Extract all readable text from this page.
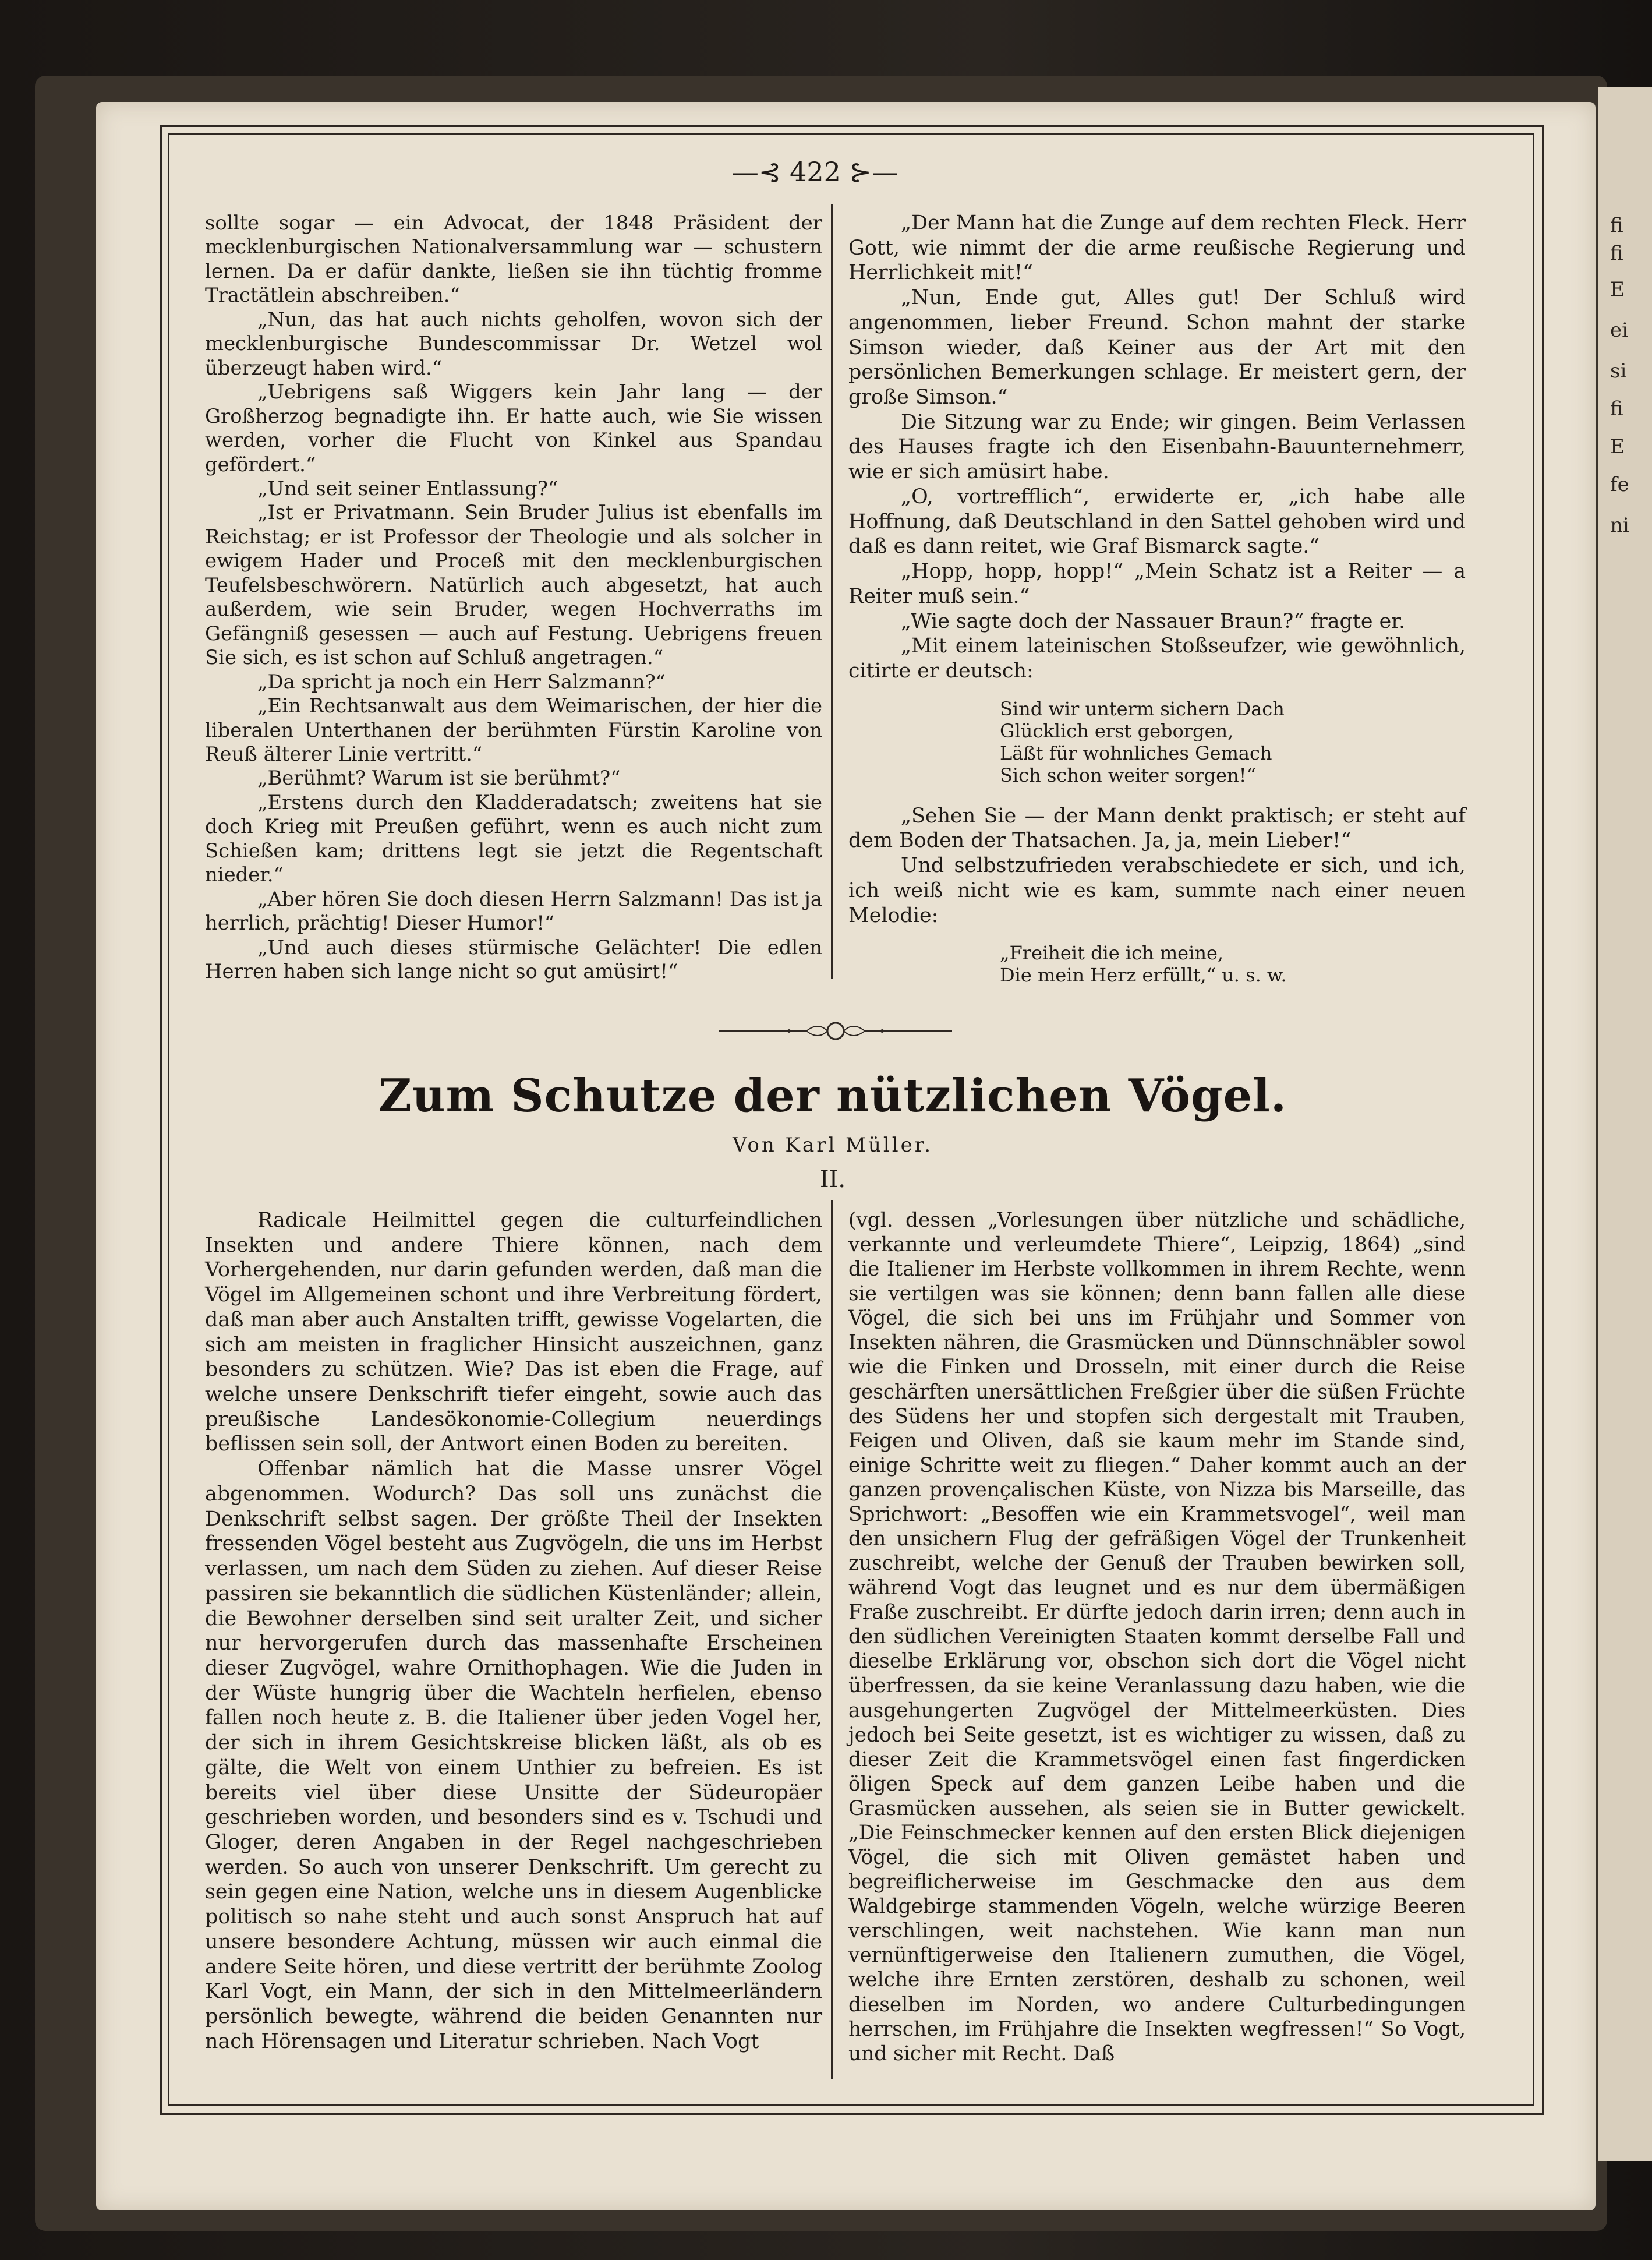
fi
fi
E
ei
si
fi
E
fe
ni
—⊰ 422 ⊱—

sollte sogar — ein Advocat, der 1848 Präsident der mecklenburgischen Nationalversammlung war — schustern lernen. Da er dafür dankte, ließen sie ihn tüchtig fromme Tractätlein abschreiben.“

„Nun, das hat auch nichts geholfen, wovon sich der mecklenburgische Bundescommissar Dr. Wetzel wol überzeugt haben wird.“

„Uebrigens saß Wiggers kein Jahr lang — der Großherzog begnadigte ihn. Er hatte auch, wie Sie wissen werden, vorher die Flucht von Kinkel aus Spandau gefördert.“

„Und seit seiner Entlassung?“

„Ist er Privatmann. Sein Bruder Julius ist ebenfalls im Reichstag; er ist Professor der Theologie und als solcher in ewigem Hader und Proceß mit den mecklenburgischen Teufelsbeschwörern. Natürlich auch abgesetzt, hat auch außerdem, wie sein Bruder, wegen Hochverraths im Gefängniß gesessen — auch auf Festung. Uebrigens freuen Sie sich, es ist schon auf Schluß angetragen.“

„Da spricht ja noch ein Herr Salzmann?“

„Ein Rechtsanwalt aus dem Weimarischen, der hier die liberalen Unterthanen der berühmten Fürstin Karoline von Reuß älterer Linie vertritt.“

„Berühmt? Warum ist sie berühmt?“

„Erstens durch den Kladderadatsch; zweitens hat sie doch Krieg mit Preußen geführt, wenn es auch nicht zum Schießen kam; drittens legt sie jetzt die Regentschaft nieder.“

„Aber hören Sie doch diesen Herrn Salzmann! Das ist ja herrlich, prächtig! Dieser Humor!“

„Und auch dieses stürmische Gelächter! Die edlen Herren haben sich lange nicht so gut amüsirt!“

„Der Mann hat die Zunge auf dem rechten Fleck. Herr Gott, wie nimmt der die arme reußische Regierung und Herrlichkeit mit!“

„Nun, Ende gut, Alles gut! Der Schluß wird angenommen, lieber Freund. Schon mahnt der starke Simson wieder, daß Keiner aus der Art mit den persönlichen Bemerkungen schlage. Er meistert gern, der große Simson.“

Die Sitzung war zu Ende; wir gingen. Beim Verlassen des Hauses fragte ich den Eisenbahn-Bauunternehmerr, wie er sich amüsirt habe.

„O, vortrefflich“, erwiderte er, „ich habe alle Hoffnung, daß Deutschland in den Sattel gehoben wird und daß es dann reitet, wie Graf Bismarck sagte.“

„Hopp, hopp, hopp!“ „Mein Schatz ist a Reiter — a Reiter muß sein.“

„Wie sagte doch der Nassauer Braun?“ fragte er.

„Mit einem lateinischen Stoßseufzer, wie gewöhnlich, citirte er deutsch:

Sind wir unterm sichern Dach
Glücklich erst geborgen,
Läßt für wohnliches Gemach
Sich schon weiter sorgen!“

„Sehen Sie — der Mann denkt praktisch; er steht auf dem Boden der Thatsachen. Ja, ja, mein Lieber!“

Und selbstzufrieden verabschiedete er sich, und ich, ich weiß nicht wie es kam, summte nach einer neuen Melodie:

„Freiheit die ich meine,
Die mein Herz erfüllt,“ u. s. w.
Zum Schutze der nützlichen Vögel.
Von Karl Müller.
II.

Radicale Heilmittel gegen die culturfeindlichen Insekten und andere Thiere können, nach dem Vorhergehenden, nur darin gefunden werden, daß man die Vögel im Allgemeinen schont und ihre Verbreitung fördert, daß man aber auch Anstalten trifft, gewisse Vogelarten, die sich am meisten in fraglicher Hinsicht auszeichnen, ganz besonders zu schützen. Wie? Das ist eben die Frage, auf welche unsere Denkschrift tiefer eingeht, sowie auch das preußische Landesökonomie-Collegium neuerdings beflissen sein soll, der Antwort einen Boden zu bereiten.

Offenbar nämlich hat die Masse unsrer Vögel abgenommen. Wodurch? Das soll uns zunächst die Denkschrift selbst sagen. Der größte Theil der Insekten fressenden Vögel besteht aus Zugvögeln, die uns im Herbst verlassen, um nach dem Süden zu ziehen. Auf dieser Reise passiren sie bekanntlich die südlichen Küstenländer; allein, die Bewohner derselben sind seit uralter Zeit, und sicher nur hervorgerufen durch das massenhafte Erscheinen dieser Zugvögel, wahre Ornithophagen. Wie die Juden in der Wüste hungrig über die Wachteln herfielen, ebenso fallen noch heute z. B. die Italiener über jeden Vogel her, der sich in ihrem Gesichtskreise blicken läßt, als ob es gälte, die Welt von einem Unthier zu befreien. Es ist bereits viel über diese Unsitte der Südeuropäer geschrieben worden, und besonders sind es v. Tschudi und Gloger, deren Angaben in der Regel nachgeschrieben werden. So auch von unserer Denkschrift. Um gerecht zu sein gegen eine Nation, welche uns in diesem Augenblicke politisch so nahe steht und auch sonst Anspruch hat auf unsere besondere Achtung, müssen wir auch einmal die andere Seite hören, und diese vertritt der berühmte Zoolog Karl Vogt, ein Mann, der sich in den Mittelmeerländern persönlich bewegte, während die beiden Genannten nur nach Hörensagen und Literatur schrieben. Nach Vogt

(vgl. dessen „Vorlesungen über nützliche und schädliche, verkannte und verleumdete Thiere“, Leipzig, 1864) „sind die Italiener im Herbste vollkommen in ihrem Rechte, wenn sie vertilgen was sie können; denn bann fallen alle diese Vögel, die sich bei uns im Frühjahr und Sommer von Insekten nähren, die Grasmücken und Dünnschnäbler sowol wie die Finken und Drosseln, mit einer durch die Reise geschärften unersättlichen Freßgier über die süßen Früchte des Südens her und stopfen sich dergestalt mit Trauben, Feigen und Oliven, daß sie kaum mehr im Stande sind, einige Schritte weit zu fliegen.“ Daher kommt auch an der ganzen provençalischen Küste, von Nizza bis Marseille, das Sprichwort: „Besoffen wie ein Krammetsvogel“, weil man den unsichern Flug der gefräßigen Vögel der Trunkenheit zuschreibt, welche der Genuß der Trauben bewirken soll, während Vogt das leugnet und es nur dem übermäßigen Fraße zuschreibt. Er dürfte jedoch darin irren; denn auch in den südlichen Vereinigten Staaten kommt derselbe Fall und dieselbe Erklärung vor, obschon sich dort die Vögel nicht überfressen, da sie keine Veranlassung dazu haben, wie die ausgehungerten Zugvögel der Mittelmeerküsten. Dies jedoch bei Seite gesetzt, ist es wichtiger zu wissen, daß zu dieser Zeit die Krammetsvögel einen fast fingerdicken öligen Speck auf dem ganzen Leibe haben und die Grasmücken aussehen, als seien sie in Butter gewickelt. „Die Feinschmecker kennen auf den ersten Blick diejenigen Vögel, die sich mit Oliven gemästet haben und begreiflicherweise im Geschmacke den aus dem Waldgebirge stammenden Vögeln, welche würzige Beeren verschlingen, weit nachstehen. Wie kann man nun vernünftigerweise den Italienern zumuthen, die Vögel, welche ihre Ernten zerstören, deshalb zu schonen, weil dieselben im Norden, wo andere Culturbedingungen herrschen, im Frühjahre die Insekten wegfressen!“ So Vogt, und sicher mit Recht. Daß
